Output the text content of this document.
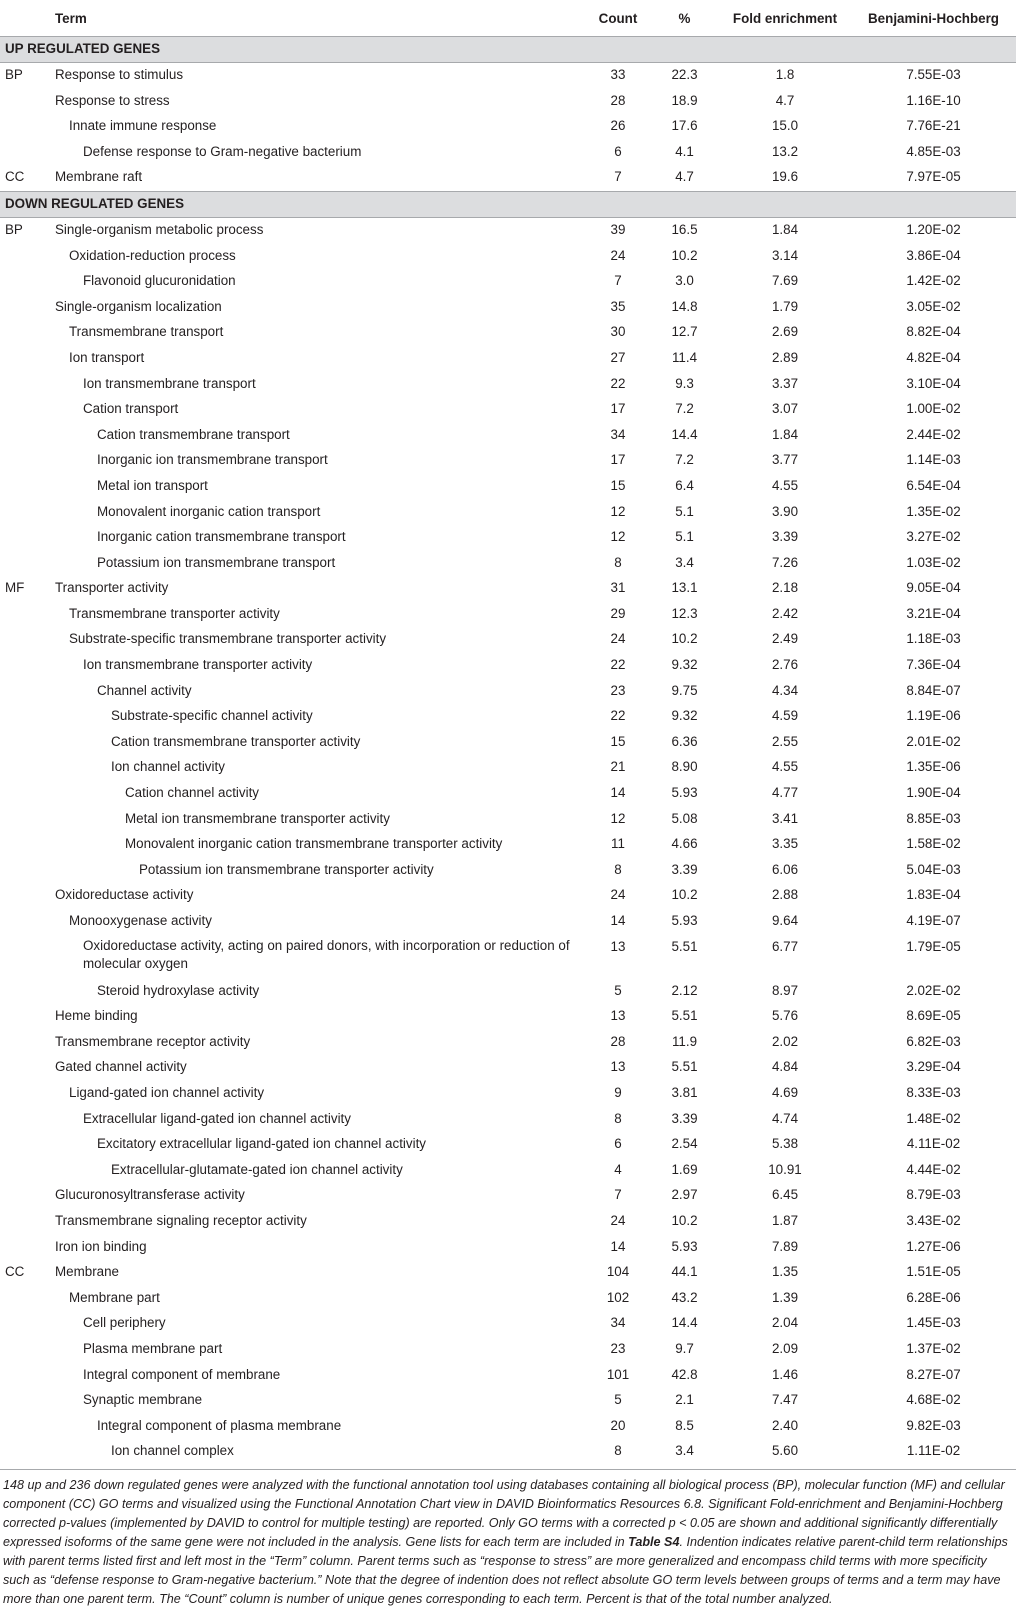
	Term	Count	%	Fold enrichment	Benjamini-Hochberg
UP REGULATED GENES					
BP	Response to stimulus	33	22.3	1.8	7.55E-03
	Response to stress	28	18.9	4.7	1.16E-10
	Innate immune response	26	17.6	15.0	7.76E-21
	Defense response to Gram-negative bacterium	6	4.1	13.2	4.85E-03
CC	Membrane raft	7	4.7	19.6	7.97E-05
DOWN REGULATED GENES					
BP	Single-organism metabolic process	39	16.5	1.84	1.20E-02
	Oxidation-reduction process	24	10.2	3.14	3.86E-04
	Flavonoid glucuronidation	7	3.0	7.69	1.42E-02
	Single-organism localization	35	14.8	1.79	3.05E-02
	Transmembrane transport	30	12.7	2.69	8.82E-04
	Ion transport	27	11.4	2.89	4.82E-04
	Ion transmembrane transport	22	9.3	3.37	3.10E-04
	Cation transport	17	7.2	3.07	1.00E-02
	Cation transmembrane transport	34	14.4	1.84	2.44E-02
	Inorganic ion transmembrane transport	17	7.2	3.77	1.14E-03
	Metal ion transport	15	6.4	4.55	6.54E-04
	Monovalent inorganic cation transport	12	5.1	3.90	1.35E-02
	Inorganic cation transmembrane transport	12	5.1	3.39	3.27E-02
	Potassium ion transmembrane transport	8	3.4	7.26	1.03E-02
MF	Transporter activity	31	13.1	2.18	9.05E-04
	Transmembrane transporter activity	29	12.3	2.42	3.21E-04
	Substrate-specific transmembrane transporter activity	24	10.2	2.49	1.18E-03
	Ion transmembrane transporter activity	22	9.32	2.76	7.36E-04
	Channel activity	23	9.75	4.34	8.84E-07
	Substrate-specific channel activity	22	9.32	4.59	1.19E-06
	Cation transmembrane transporter activity	15	6.36	2.55	2.01E-02
	Ion channel activity	21	8.90	4.55	1.35E-06
	Cation channel activity	14	5.93	4.77	1.90E-04
	Metal ion transmembrane transporter activity	12	5.08	3.41	8.85E-03
	Monovalent inorganic cation transmembrane transporter activity	11	4.66	3.35	1.58E-02
	Potassium ion transmembrane transporter activity	8	3.39	6.06	5.04E-03
	Oxidoreductase activity	24	10.2	2.88	1.83E-04
	Monooxygenase activity	14	5.93	9.64	4.19E-07
	Oxidoreductase activity, acting on paired donors, with incorporation or reduction of molecular oxygen	13	5.51	6.77	1.79E-05
	Steroid hydroxylase activity	5	2.12	8.97	2.02E-02
	Heme binding	13	5.51	5.76	8.69E-05
	Transmembrane receptor activity	28	11.9	2.02	6.82E-03
	Gated channel activity	13	5.51	4.84	3.29E-04
	Ligand-gated ion channel activity	9	3.81	4.69	8.33E-03
	Extracellular ligand-gated ion channel activity	8	3.39	4.74	1.48E-02
	Excitatory extracellular ligand-gated ion channel activity	6	2.54	5.38	4.11E-02
	Extracellular-glutamate-gated ion channel activity	4	1.69	10.91	4.44E-02
	Glucuronosyltransferase activity	7	2.97	6.45	8.79E-03
	Transmembrane signaling receptor activity	24	10.2	1.87	3.43E-02
	Iron ion binding	14	5.93	7.89	1.27E-06
CC	Membrane	104	44.1	1.35	1.51E-05
	Membrane part	102	43.2	1.39	6.28E-06
	Cell periphery	34	14.4	2.04	1.45E-03
	Plasma membrane part	23	9.7	2.09	1.37E-02
	Integral component of membrane	101	42.8	1.46	8.27E-07
	Synaptic membrane	5	2.1	7.47	4.68E-02
	Integral component of plasma membrane	20	8.5	2.40	9.82E-03
	Ion channel complex	8	3.4	5.60	1.11E-02
148 up and 236 down regulated genes were analyzed with the functional annotation tool using databases containing all biological process (BP), molecular function (MF) and cellular component (CC) GO terms and visualized using the Functional Annotation Chart view in DAVID Bioinformatics Resources 6.8. Significant Fold-enrichment and Benjamini-Hochberg corrected p-values (implemented by DAVID to control for multiple testing) are reported. Only GO terms with a corrected p < 0.05 are shown and additional significantly differentially expressed isoforms of the same gene were not included in the analysis. Gene lists for each term are included in Table S4. Indention indicates relative parent-child term relationships with parent terms listed first and left most in the “Term” column. Parent terms such as “response to stress” are more generalized and encompass child terms with more specificity such as “defense response to Gram-negative bacterium.” Note that the degree of indention does not reflect absolute GO term levels between groups of terms and a term may have more than one parent term. The “Count” column is number of unique genes corresponding to each term. Percent is that of the total number analyzed.
